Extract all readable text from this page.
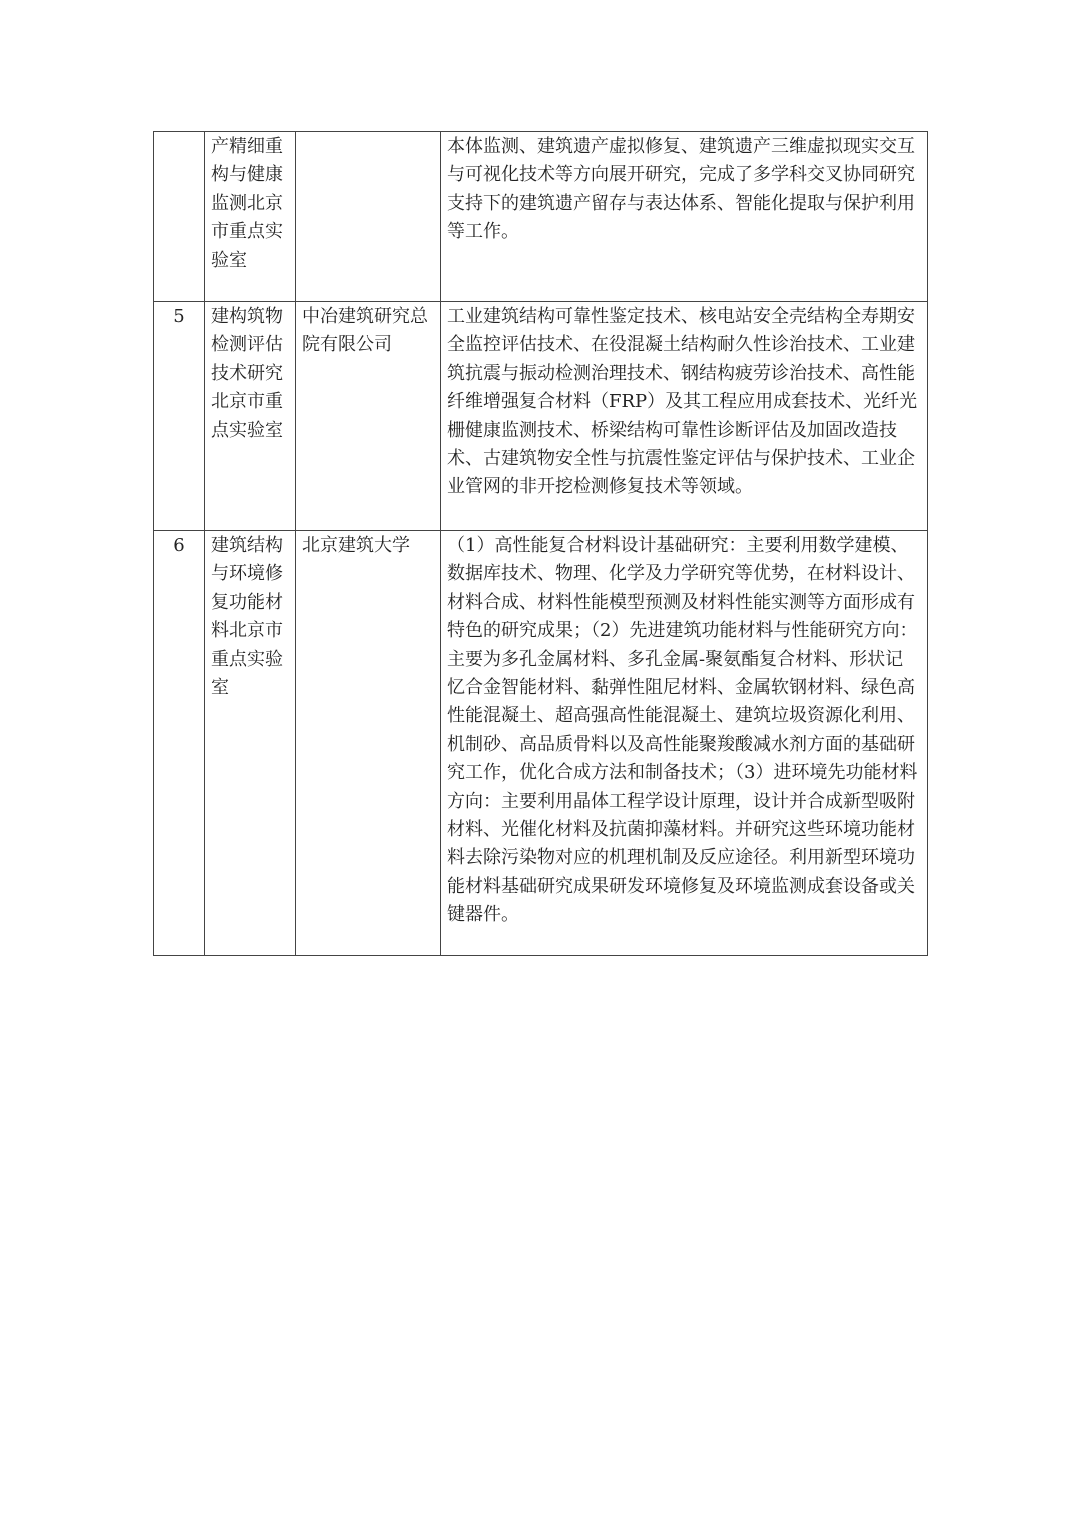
	产精细重构与健康监测北京市重点实验室		本体监测、建筑遗产虚拟修复、建筑遗产三维虚拟现实交互与可视化技术等方向展开研究，完成了多学科交叉协同研究支持下的建筑遗产留存与表达体系、智能化提取与保护利用等工作。
5	建构筑物检测评估技术研究北京市重点实验室	中冶建筑研究总院有限公司	工业建筑结构可靠性鉴定技术、核电站安全壳结构全寿期安全监控评估技术、在役混凝土结构耐久性诊治技术、工业建筑抗震与振动检测治理技术、钢结构疲劳诊治技术、高性能纤维增强复合材料（FRP）及其工程应用成套技术、光纤光栅健康监测技术、桥梁结构可靠性诊断评估及加固改造技术、古建筑物安全性与抗震性鉴定评估与保护技术、工业企业管网的非开挖检测修复技术等领域。
6	建筑结构与环境修复功能材料北京市重点实验室	北京建筑大学	（1）高性能复合材料设计基础研究：主要利用数学建模、数据库技术、物理、化学及力学研究等优势，在材料设计、材料合成、材料性能模型预测及材料性能实测等方面形成有特色的研究成果；（2）先进建筑功能材料与性能研究方向：主要为多孔金属材料、多孔金属-聚氨酯复合材料、形状记忆合金智能材料、黏弹性阻尼材料、金属软钢材料、绿色高性能混凝土、超高强高性能混凝土、建筑垃圾资源化利用、机制砂、高品质骨料以及高性能聚羧酸减水剂方面的基础研究工作，优化合成方法和制备技术；（3）进环境先功能材料方向：主要利用晶体工程学设计原理，设计并合成新型吸附材料、光催化材料及抗菌抑藻材料。并研究这些环境功能材料去除污染物对应的机理机制及反应途径。利用新型环境功能材料基础研究成果研发环境修复及环境监测成套设备或关键器件。
